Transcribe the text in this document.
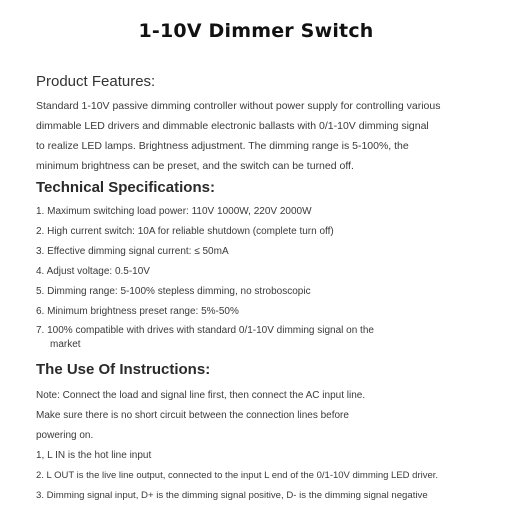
1-10V Dimmer Switch
Product Features:
Standard 1-10V passive dimming controller without power supply for controlling various
dimmable LED drivers and dimmable electronic ballasts with 0/1-10V dimming signal
to realize LED lamps. Brightness adjustment. The dimming range is 5-100%, the
minimum brightness can be preset, and the switch can be turned off.
Technical Specifications:
1. Maximum switching load power: 110V 1000W, 220V 2000W
2. High current switch: 10A for reliable shutdown (complete turn off)
3. Effective dimming signal current: ≤ 50mA
4. Adjust voltage: 0.5-10V
5. Dimming range: 5-100% stepless dimming, no stroboscopic
6. Minimum brightness preset range: 5%-50%
7. 100% compatible with drives with standard 0/1-10V dimming signal on the
market
The Use Of Instructions:
Note: Connect the load and signal line first, then connect the AC input line.
Make sure there is no short circuit between the connection lines before
powering on.
1, L IN is the hot line input
2. L OUT is the live line output, connected to the input L end of the 0/1-10V dimming LED driver.
3. Dimming signal input, D+ is the dimming signal positive, D- is the dimming signal negative
